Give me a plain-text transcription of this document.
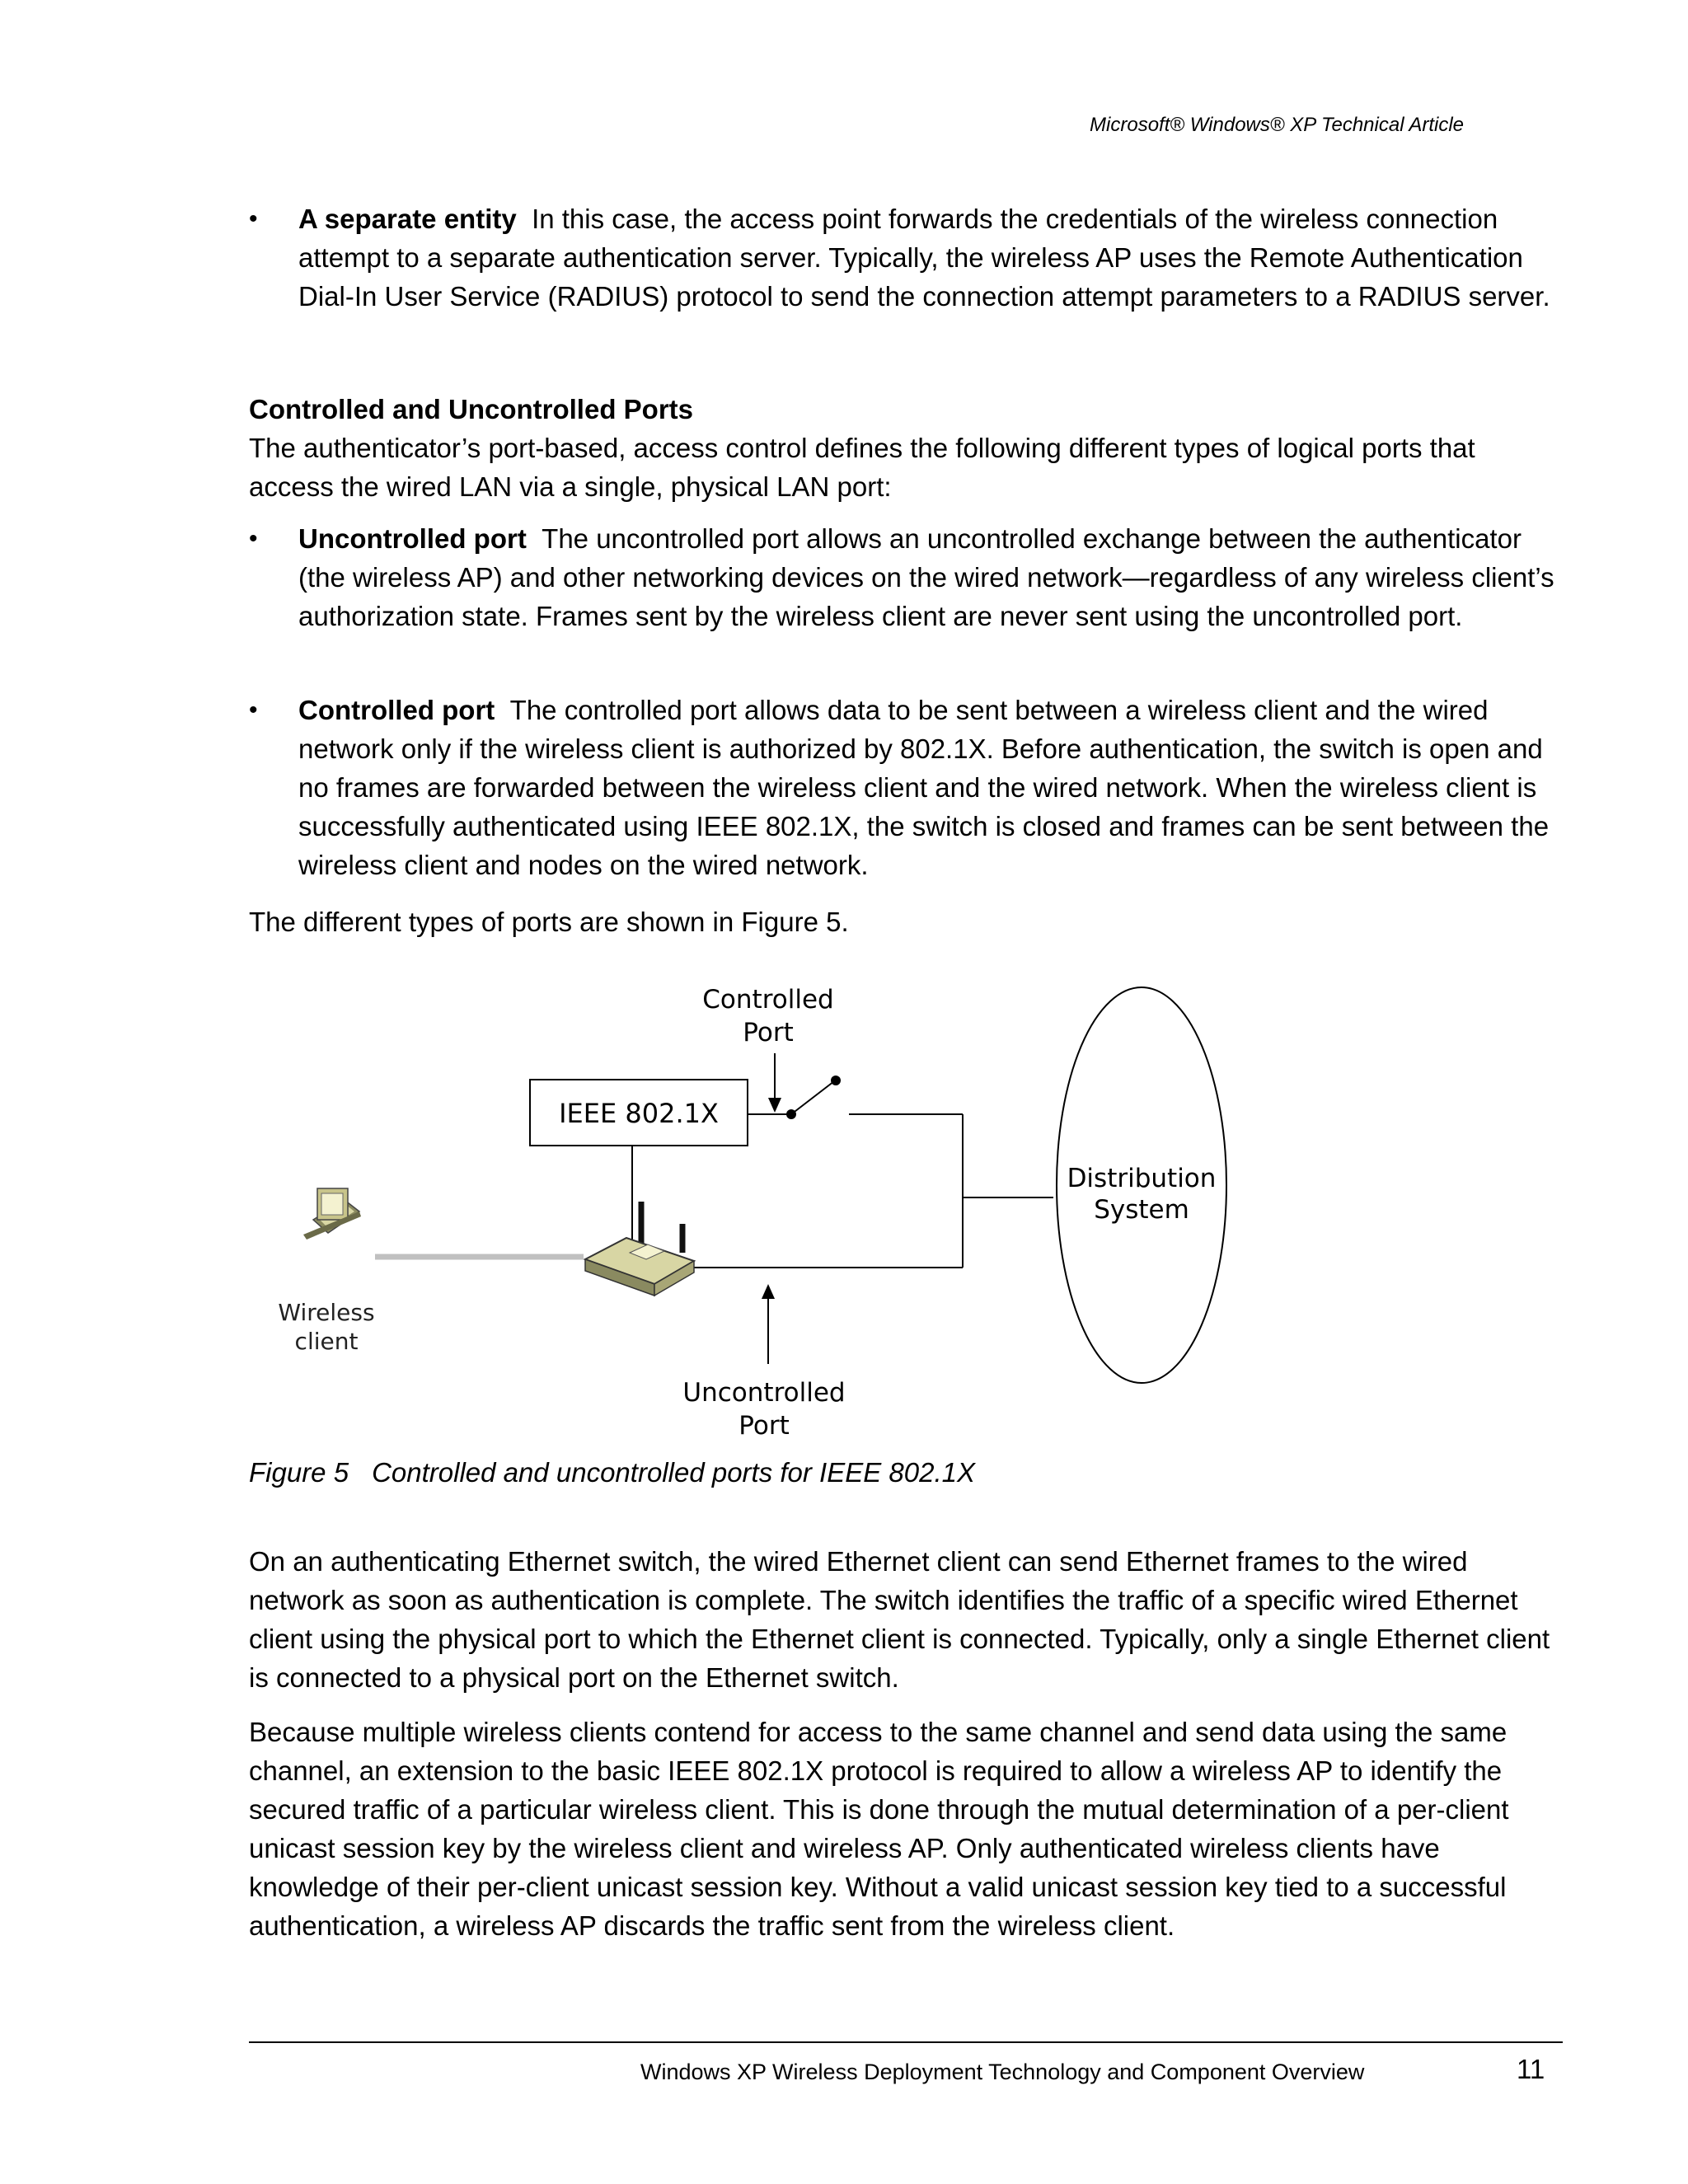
Microsoft® Windows® XP Technical Article
• A separate entity In this case, the access point forwards the credentials of the wireless connection attempt to a separate authentication server. Typically, the wireless AP uses the Remote Authentication Dial-In User Service (RADIUS) protocol to send the connection attempt parameters to a RADIUS server.
Controlled and Uncontrolled Ports
The authenticator’s port-based, access control defines the following different types of logical ports that access the wired LAN via a single, physical LAN port:
• Uncontrolled port The uncontrolled port allows an uncontrolled exchange between the authenticator (the wireless AP) and other networking devices on the wired network—regardless of any wireless client’s authorization state. Frames sent by the wireless client are never sent using the uncontrolled port.
• Controlled port The controlled port allows data to be sent between a wireless client and the wired network only if the wireless client is authorized by 802.1X. Before authentication, the switch is open and no frames are forwarded between the wireless client and the wired network. When the wireless client is successfully authenticated using IEEE 802.1X, the switch is closed and frames can be sent between the wireless client and nodes on the wired network.
The different types of ports are shown in Figure 5.
Controlled
Port
IEEE 802.1X
Uncontrolled
Port
Distribution
System
Wireless
client
Figure 5 Controlled and uncontrolled ports for IEEE 802.1X
On an authenticating Ethernet switch, the wired Ethernet client can send Ethernet frames to the wired network as soon as authentication is complete. The switch identifies the traffic of a specific wired Ethernet client using the physical port to which the Ethernet client is connected. Typically, only a single Ethernet client is connected to a physical port on the Ethernet switch.
Because multiple wireless clients contend for access to the same channel and send data using the same channel, an extension to the basic IEEE 802.1X protocol is required to allow a wireless AP to identify the secured traffic of a particular wireless client. This is done through the mutual determination of a per-client unicast session key by the wireless client and wireless AP. Only authenticated wireless clients have knowledge of their per-client unicast session key. Without a valid unicast session key tied to a successful authentication, a wireless AP discards the traffic sent from the wireless client.
Windows XP Wireless Deployment Technology and Component Overview	11
